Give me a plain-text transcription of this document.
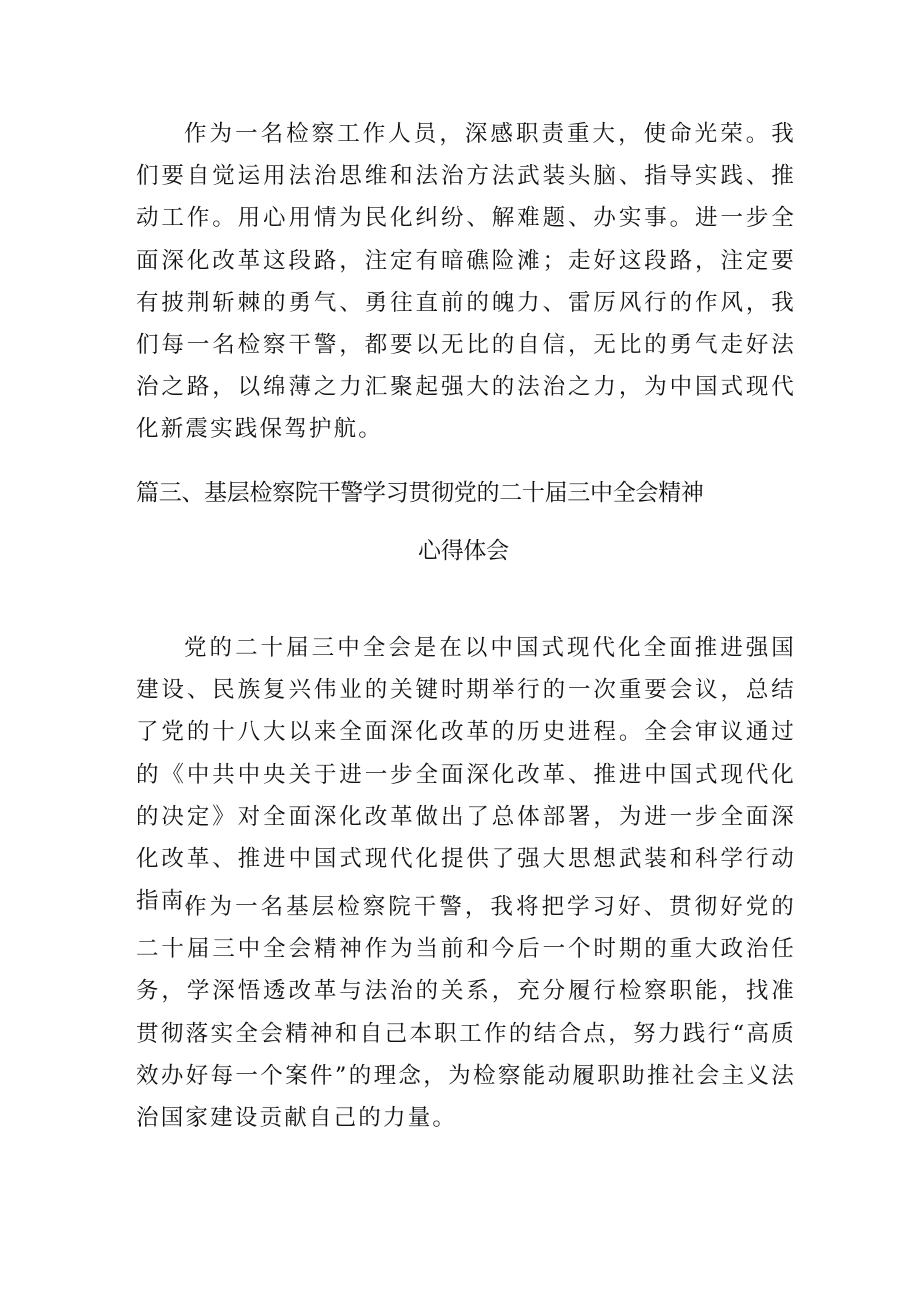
作为一名检察工作人员，深感职责重大，使命光荣。我们要自觉运用法治思维和法治方法武装头脑、指导实践、推动工作。用心用情为民化纠纷、解难题、办实事。进一步全面深化改革这段路，注定有暗礁险滩；走好这段路，注定要有披荆斩棘的勇气、勇往直前的魄力、雷厉风行的作风，我们每一名检察干警，都要以无比的自信，无比的勇气走好法治之路，以绵薄之力汇聚起强大的法治之力，为中国式现代化新震实践保驾护航。

篇三、基层检察院干警学习贯彻党的二十届三中全会精神
心得体会

党的二十届三中全会是在以中国式现代化全面推进强国建设、民族复兴伟业的关键时期举行的一次重要会议，总结了党的十八大以来全面深化改革的历史进程。全会审议通过的《中共中央关于进一步全面深化改革、推进中国式现代化的决定》对全面深化改革做出了总体部署，为进一步全面深化改革、推进中国式现代化提供了强大思想武装和科学行动指南。

作为一名基层检察院干警，我将把学习好、贯彻好党的二十届三中全会精神作为当前和今后一个时期的重大政治任务，学深悟透改革与法治的关系，充分履行检察职能，找准贯彻落实全会精神和自己本职工作的结合点，努力践行“高质效办好每一个案件”的理念，为检察能动履职助推社会主义法治国家建设贡献自己的力量。
